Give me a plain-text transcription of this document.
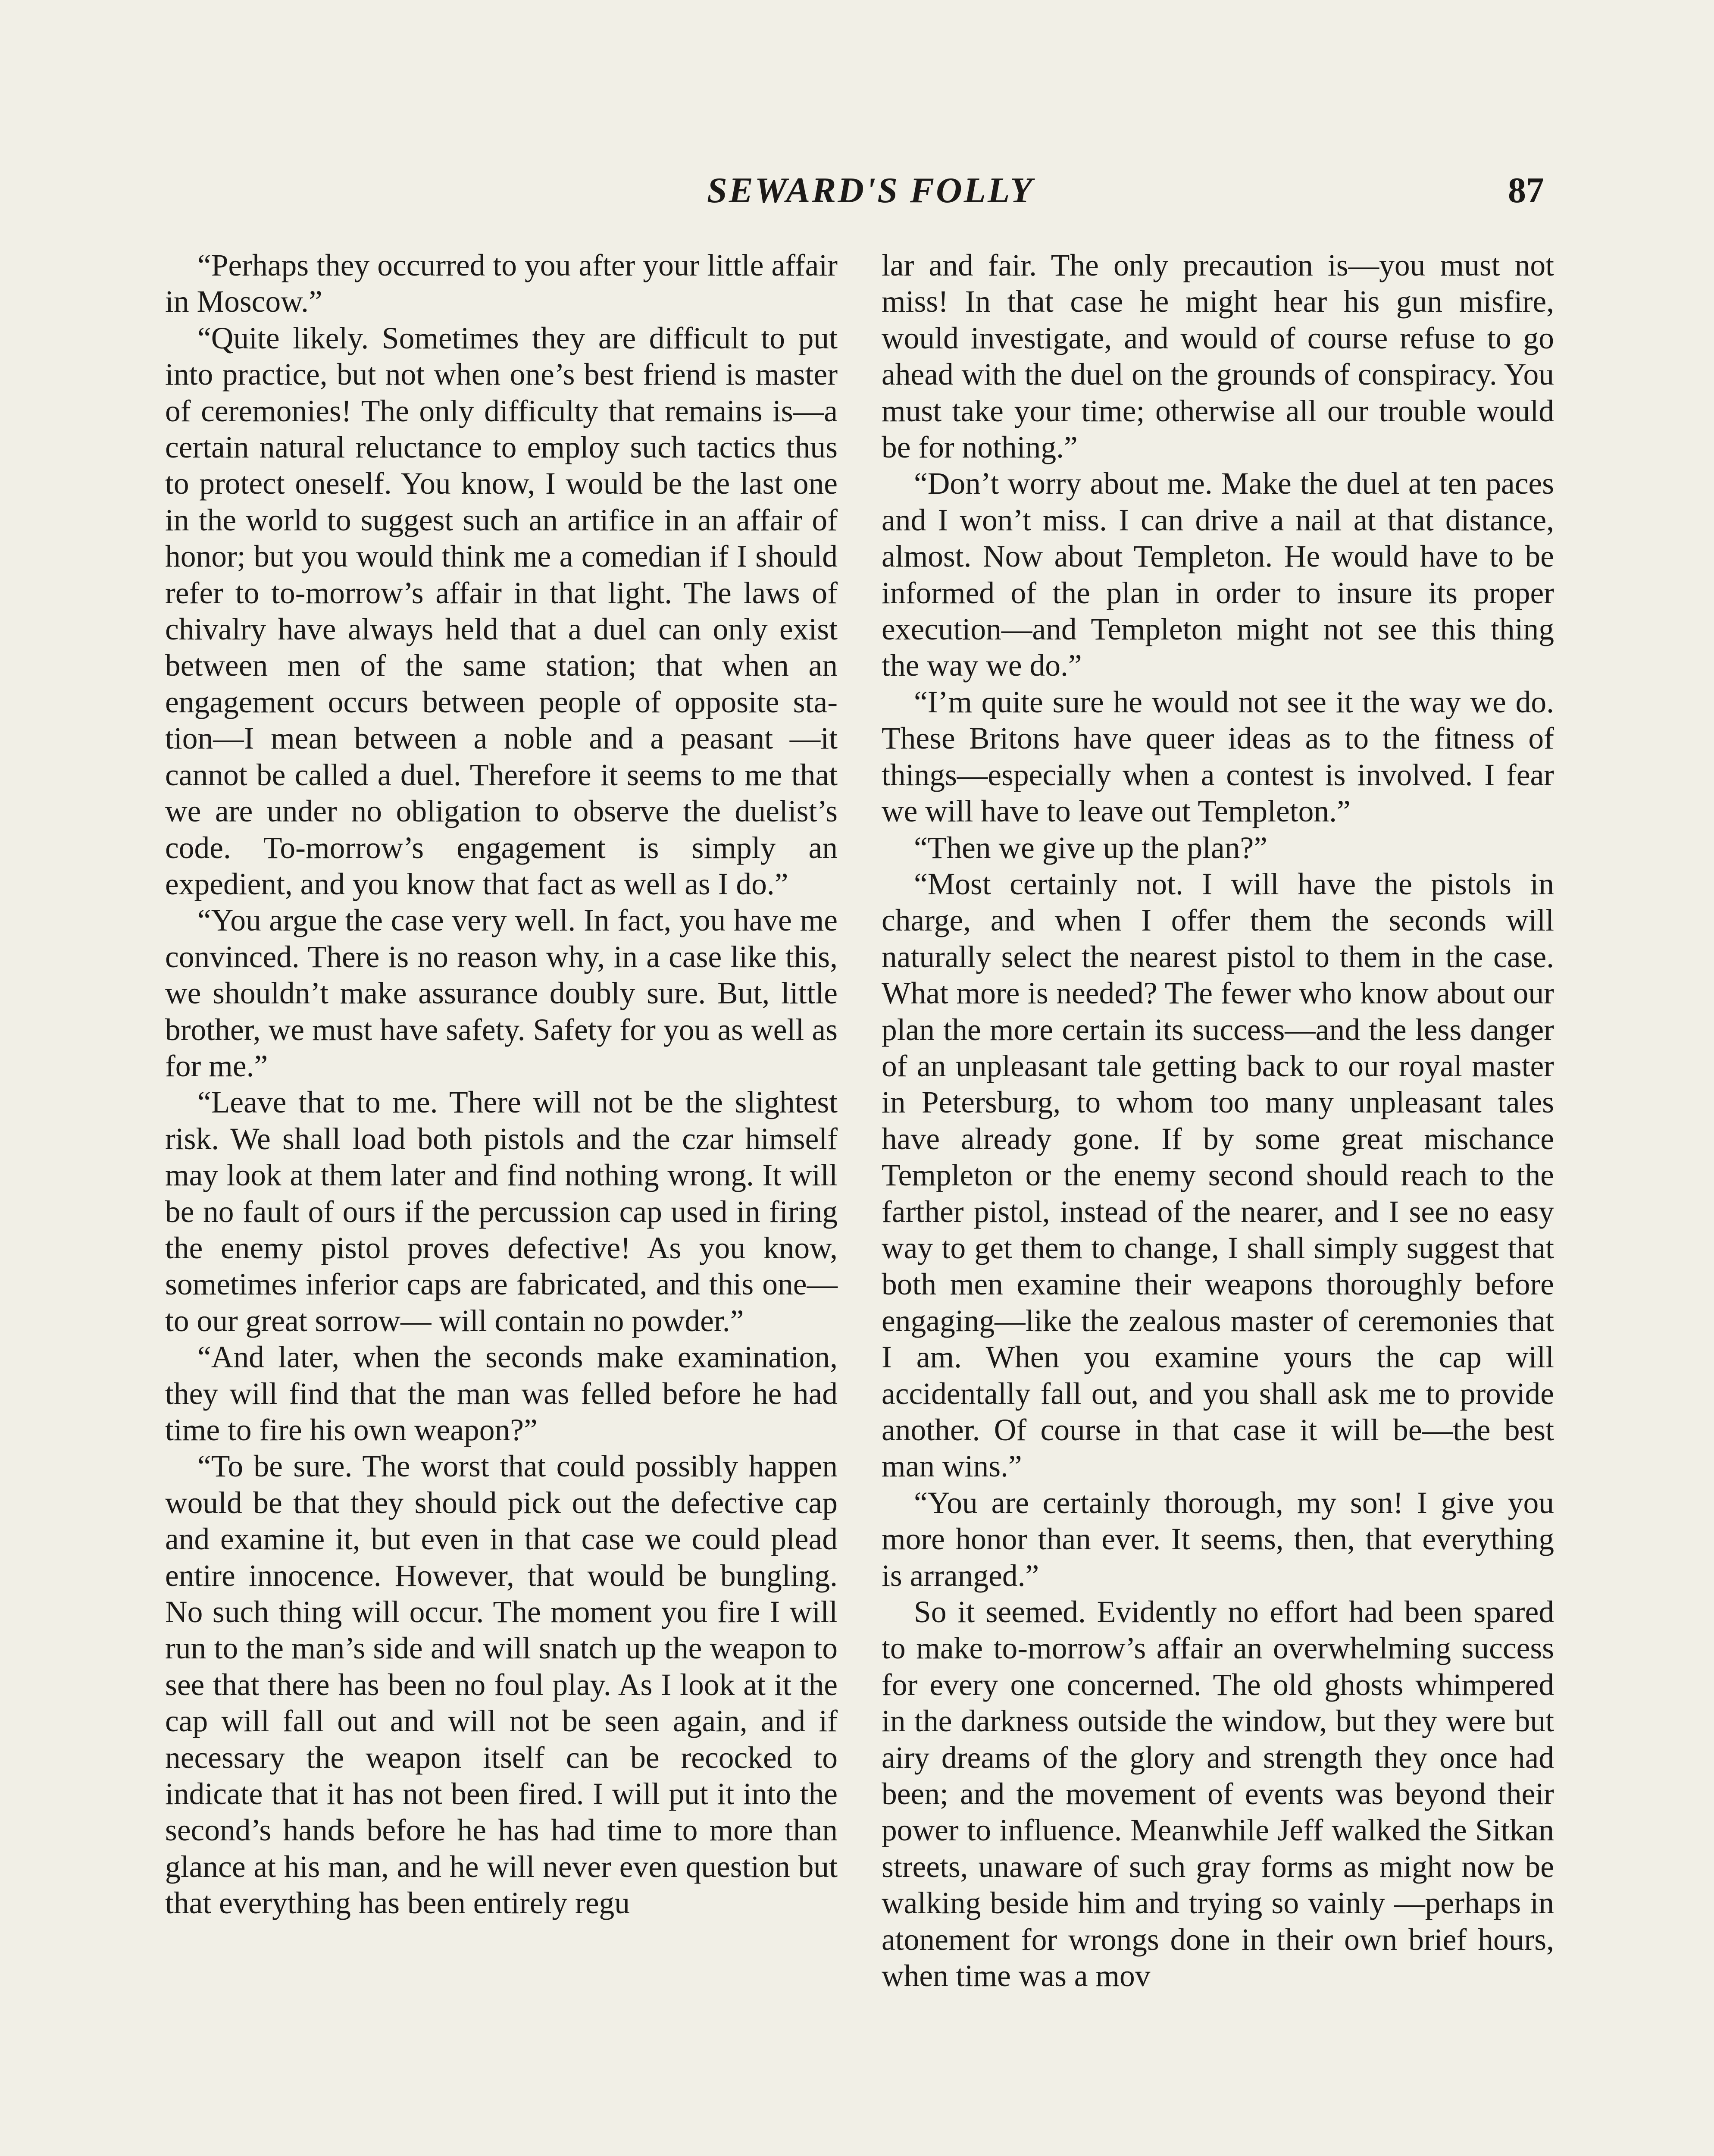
SEWARD'S FOLLY	87

“Perhaps they occurred to you after your little affair in Moscow.”

“Quite likely. Sometimes they are difficult to put into practice, but not when one’s best friend is master of ceremonies! The only difficulty that remains is—a certain natural reluctance to employ such tactics thus to protect oneself. You know, I would be the last one in the world to suggest such an artifice in an affair of honor; but you would think me a comedian if I should refer to to-morrow’s affair in that light. The laws of chivalry have always held that a duel can only exist between men of the same station; that when an engagement occurs between people of opposite station—I mean between a noble and a peasant —it cannot be called a duel. Therefore it seems to me that we are under no obligation to observe the duelist’s code. To-morrow’s engagement is simply an expedient, and you know that fact as well as I do.”

“You argue the case very well. In fact, you have me convinced. There is no reason why, in a case like this, we shouldn’t make assurance doubly sure. But, little brother, we must have safety. Safety for you as well as for me.”

“Leave that to me. There will not be the slightest risk. We shall load both pistols and the czar himself may look at them later and find nothing wrong. It will be no fault of ours if the percussion cap used in firing the enemy pistol proves defective! As you know, sometimes inferior caps are fabricated, and this one—to our great sorrow— will contain no powder.”

“And later, when the seconds make examination, they will find that the man was felled before he had time to fire his own weapon?”

“To be sure. The worst that could possibly happen would be that they should pick out the defective cap and examine it, but even in that case we could plead entire innocence. However, that would be bungling. No such thing will occur. The moment you fire I will run to the man’s side and will snatch up the weapon to see that there has been no foul play. As I look at it the cap will fall out and will not be seen again, and if necessary the weapon itself can be recocked to indicate that it has not been fired. I will put it into the second’s hands before he has had time to more than glance at his man, and he will never even question but that everything has been entirely regu

lar and fair. The only precaution is—you must not miss! In that case he might hear his gun misfire, would investigate, and would of course refuse to go ahead with the duel on the grounds of conspiracy. You must take your time; otherwise all our trouble would be for nothing.”

“Don’t worry about me. Make the duel at ten paces and I won’t miss. I can drive a nail at that distance, almost. Now about Templeton. He would have to be informed of the plan in order to insure its proper execution—and Templeton might not see this thing the way we do.”

“I’m quite sure he would not see it the way we do. These Britons have queer ideas as to the fitness of things—especially when a contest is involved. I fear we will have to leave out Templeton.”

“Then we give up the plan?”

“Most certainly not. I will have the pistols in charge, and when I offer them the seconds will naturally select the nearest pistol to them in the case. What more is needed? The fewer who know about our plan the more certain its success—and the less danger of an unpleasant tale getting back to our royal master in Petersburg, to whom too many unpleasant tales have already gone. If by some great mischance Templeton or the enemy second should reach to the farther pistol, instead of the nearer, and I see no easy way to get them to change, I shall simply suggest that both men examine their weapons thoroughly before engaging—like the zealous master of ceremonies that I am. When you examine yours the cap will accidentally fall out, and you shall ask me to provide another. Of course in that case it will be—the best man wins.”

“You are certainly thorough, my son! I give you more honor than ever. It seems, then, that everything is arranged.”

So it seemed. Evidently no effort had been spared to make to-morrow’s affair an overwhelming success for every one concerned. The old ghosts whimpered in the darkness outside the window, but they were but airy dreams of the glory and strength they once had been; and the movement of events was beyond their power to influence. Meanwhile Jeff walked the Sitkan streets, unaware of such gray forms as might now be walking beside him and trying so vainly —perhaps in atonement for wrongs done in their own brief hours, when time was a mov
